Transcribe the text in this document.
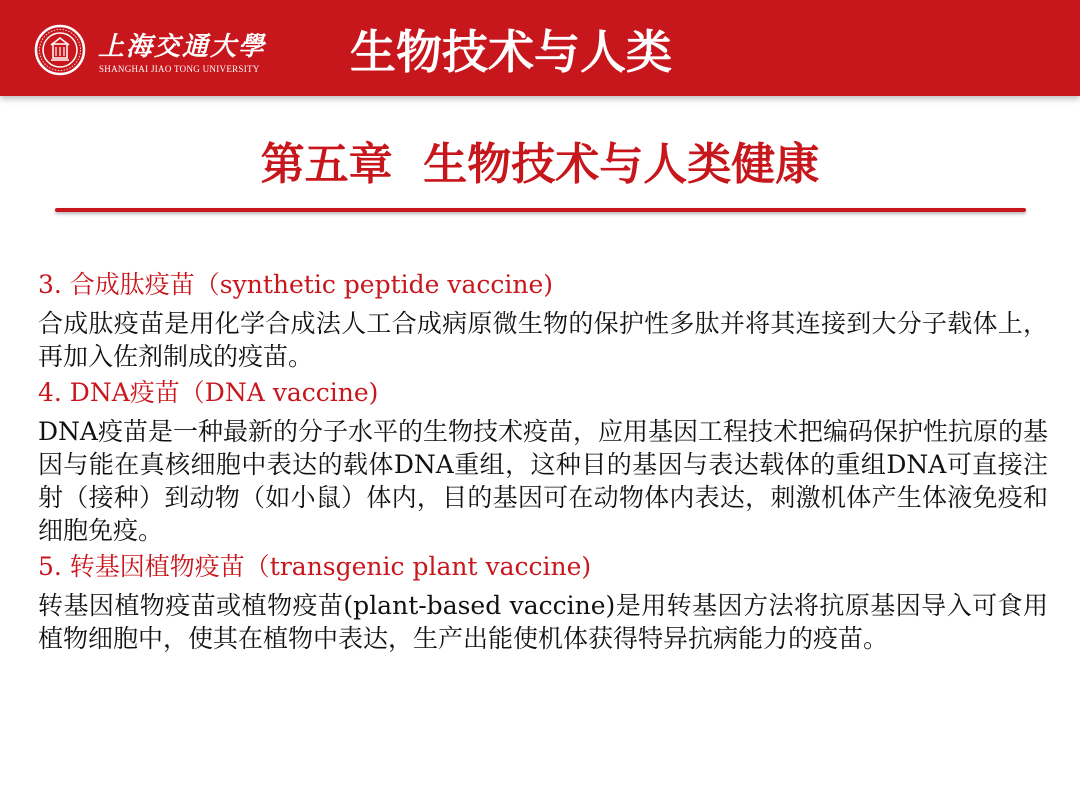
上海交通大學
SHANGHAI JIAO TONG UNIVERSITY 生物技术与人类
第五章  生物技术与人类健康
3. 合成肽疫苗（synthetic peptide vaccine)
合成肽疫苗是用化学合成法人工合成病原微生物的保护性多肽并将其连接到大分子载体上，再加入佐剂制成的疫苗。
4. DNA疫苗（DNA vaccine)
DNA疫苗是一种最新的分子水平的生物技术疫苗，应用基因工程技术把编码保护性抗原的基因与能在真核细胞中表达的载体DNA重组，这种目的基因与表达载体的重组DNA可直接注射（接种）到动物（如小鼠）体内，目的基因可在动物体内表达，刺激机体产生体液免疫和细胞免疫。
5. 转基因植物疫苗（transgenic plant vaccine)
转基因植物疫苗或植物疫苗(plant-based vaccine)是用转基因方法将抗原基因导入可食用植物细胞中，使其在植物中表达，生产出能使机体获得特异抗病能力的疫苗。
